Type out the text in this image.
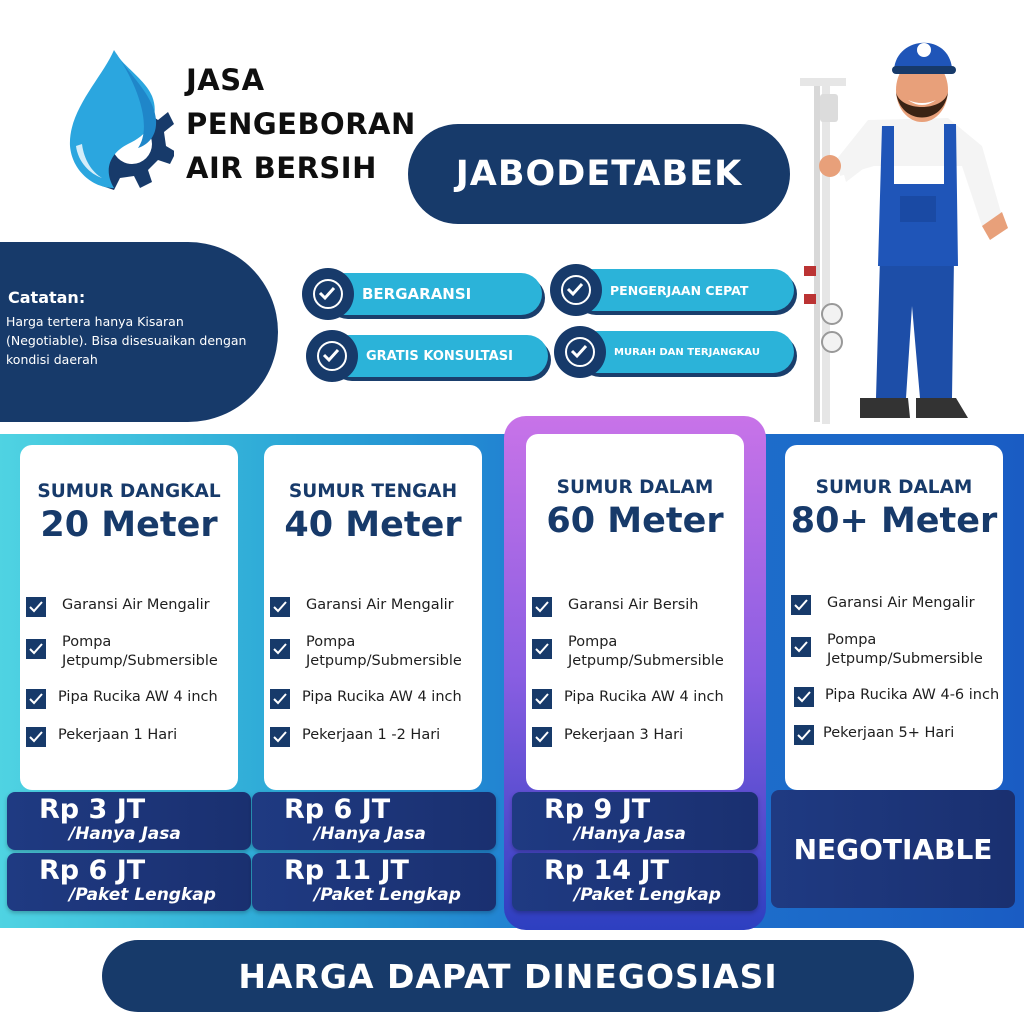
JASA
PENGEBORAN
AIR BERSIH	JABODETABEK
Catatan:
Harga tertera hanya Kisaran (Negotiable). Bisa disesuaikan dengan kondisi daerah
BERGARANSI	PENGERJAAN CEPAT
GRATIS KONSULTASI	MURAH DAN TERJANGKAU
SUMUR DANGKAL
20 Meter
Garansi Air Mengalir
Pompa
Jetpump/Submersible
Pipa Rucika AW 4 inch
Pekerjaan 1 Hari
SUMUR TENGAH
40 Meter
Garansi Air Mengalir
Pompa
Jetpump/Submersible
Pipa Rucika AW 4 inch
Pekerjaan 1 -2 Hari
SUMUR DALAM
60 Meter
Garansi Air Bersih
Pompa
Jetpump/Submersible
Pipa Rucika AW 4 inch
Pekerjaan 3 Hari
SUMUR DALAM
80+ Meter
Garansi Air Mengalir
Pompa
Jetpump/Submersible
Pipa Rucika AW 4-6 inch
Pekerjaan 5+ Hari
Rp 3 JT
/Hanya Jasa
Rp 6 JT
/Paket Lengkap
Rp 6 JT
/Hanya Jasa
Rp 11 JT
/Paket Lengkap
Rp 9 JT
/Hanya Jasa
Rp 14 JT
/Paket Lengkap
NEGOTIABLE
HARGA DAPAT DINEGOSIASI
